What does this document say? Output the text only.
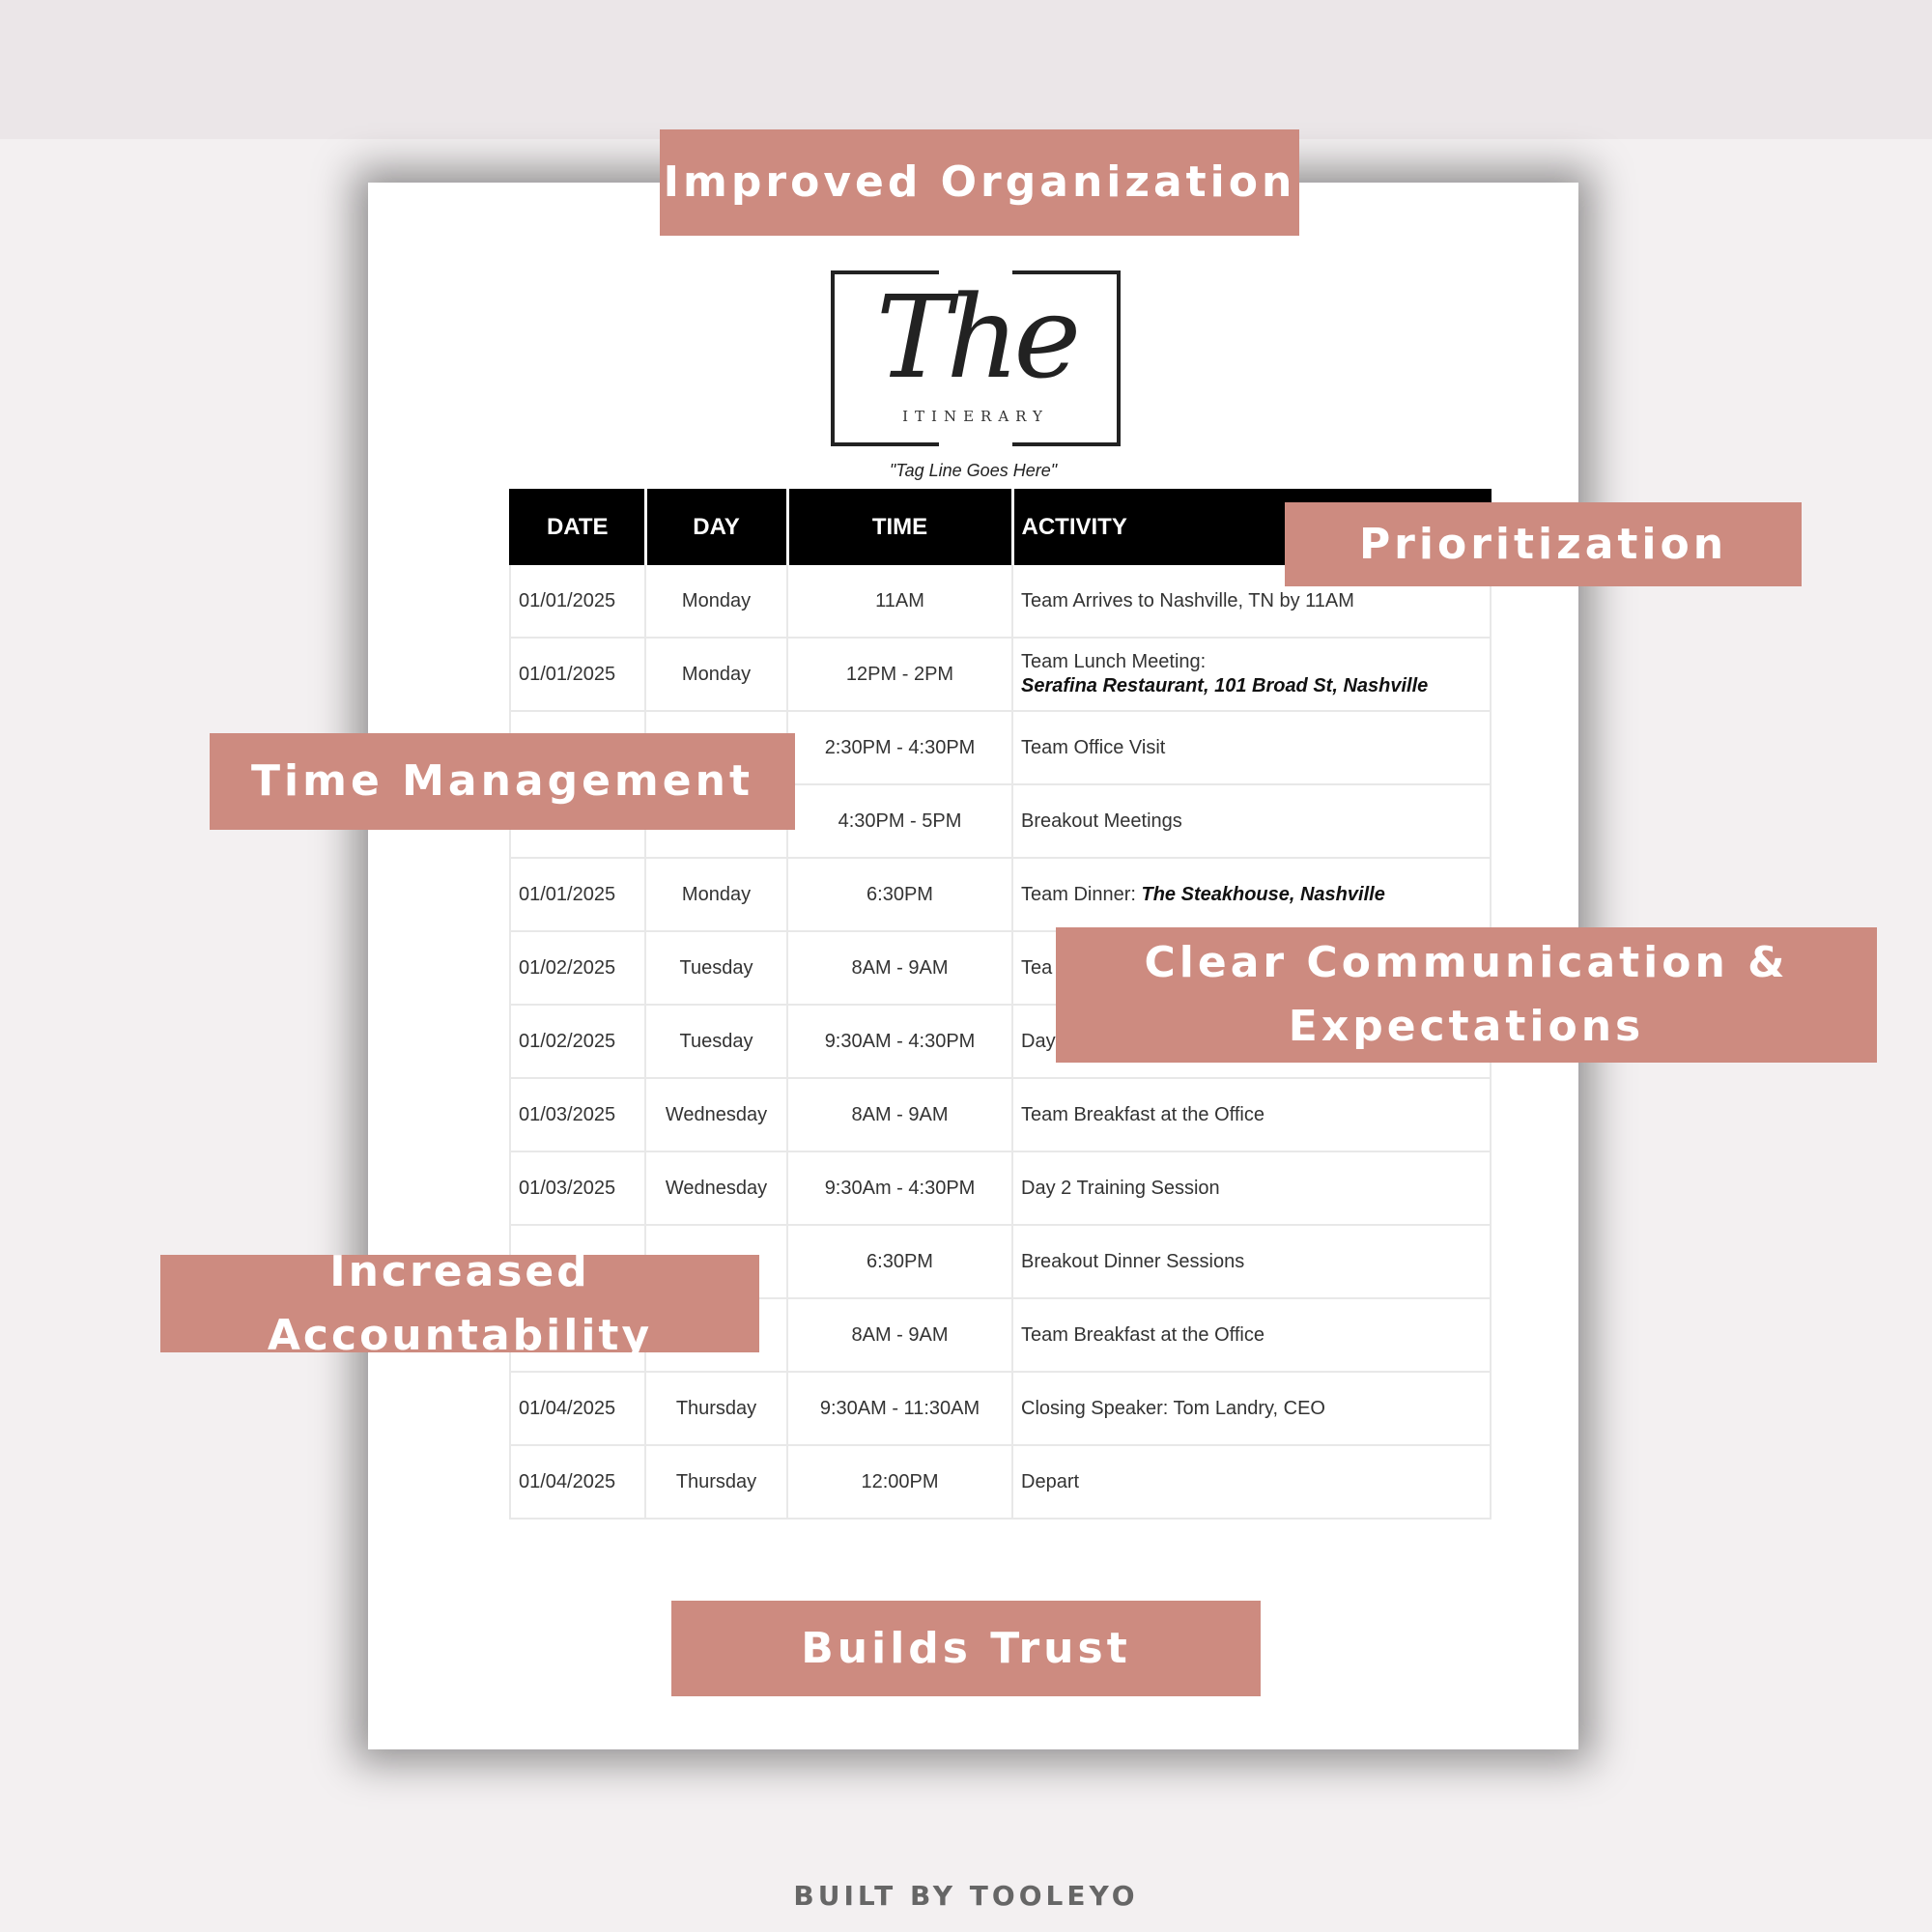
The
ITINERARY
"Tag Line Goes Here"
DATE	DAY	TIME	ACTIVITY
01/01/2025	Monday	11AM	Team Arrives to Nashville, TN by 11AM
01/01/2025	Monday	12PM - 2PM	Team Lunch Meeting:
Serafina Restaurant, 101 Broad St, Nashville
		2:30PM - 4:30PM	Team Office Visit
		4:30PM - 5PM	Breakout Meetings
01/01/2025	Monday	6:30PM	Team Dinner: The Steakhouse, Nashville
01/02/2025	Tuesday	8AM - 9AM	Tea
01/02/2025	Tuesday	9:30AM - 4:30PM	Day
01/03/2025	Wednesday	8AM - 9AM	Team Breakfast at the Office
01/03/2025	Wednesday	9:30Am - 4:30PM	Day 2 Training Session
		6:30PM	Breakout Dinner Sessions
		8AM - 9AM	Team Breakfast at the Office
01/04/2025	Thursday	9:30AM - 11:30AM	Closing Speaker: Tom Landry, CEO
01/04/2025	Thursday	12:00PM	Depart
Improved Organization
Prioritization
Time Management
Clear Communication & Expectations
Increased Accountability
Builds Trust
BUILT BY TOOLEYO
